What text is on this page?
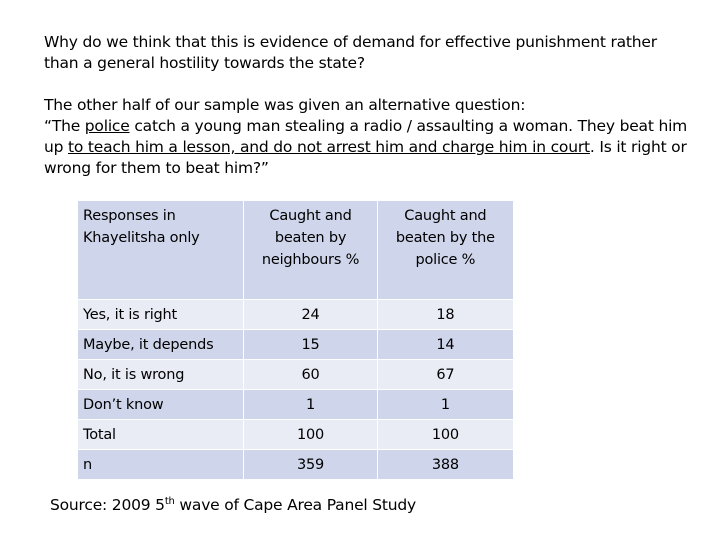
Why do we think that this is evidence of demand for effective punishment rather than a general hostility towards the state?

The other half of our sample was given an alternative question:
“The police catch a young man stealing a radio / assaulting a woman. They beat him up to teach him a lesson, and do not arrest him and charge him in court. Is it right or wrong for them to beat him?”

Responses in Khayelitsha only	Caught and beaten by neighbours %	Caught and beaten by the police %
Yes, it is right	24	18
Maybe, it depends	15	14
No, it is wrong	60	67
Don’t know	1	1
Total	100	100
n	359	388
Source: 2009 5th wave of Cape Area Panel Study
